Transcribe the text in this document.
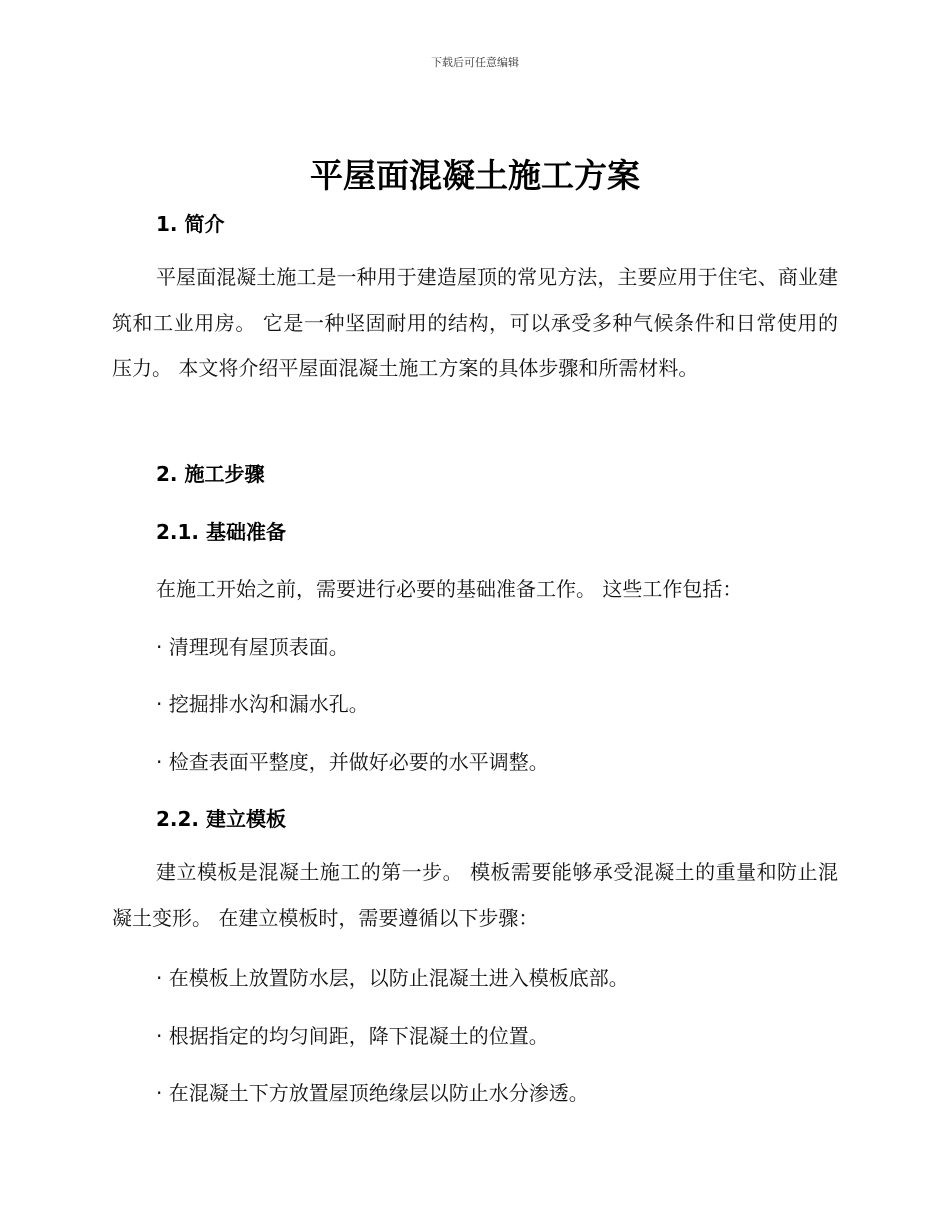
下载后可任意编辑
平屋面混凝土施工方案
1. 简介
平屋面混凝土施工是一种用于建造屋顶的常见方法，主要应用于住宅、商业建筑和工业用房。 它是一种坚固耐用的结构，可以承受多种气候条件和日常使用的压力。 本文将介绍平屋面混凝土施工方案的具体步骤和所需材料。
2. 施工步骤
2.1. 基础准备
在施工开始之前，需要进行必要的基础准备工作。 这些工作包括：
· 清理现有屋顶表面。
· 挖掘排水沟和漏水孔。
· 检查表面平整度，并做好必要的水平调整。
2.2. 建立模板
建立模板是混凝土施工的第一步。 模板需要能够承受混凝土的重量和防止混凝土变形。 在建立模板时，需要遵循以下步骤：
· 在模板上放置防水层，以防止混凝土进入模板底部。
· 根据指定的均匀间距，降下混凝土的位置。
· 在混凝土下方放置屋顶绝缘层以防止水分渗透。
